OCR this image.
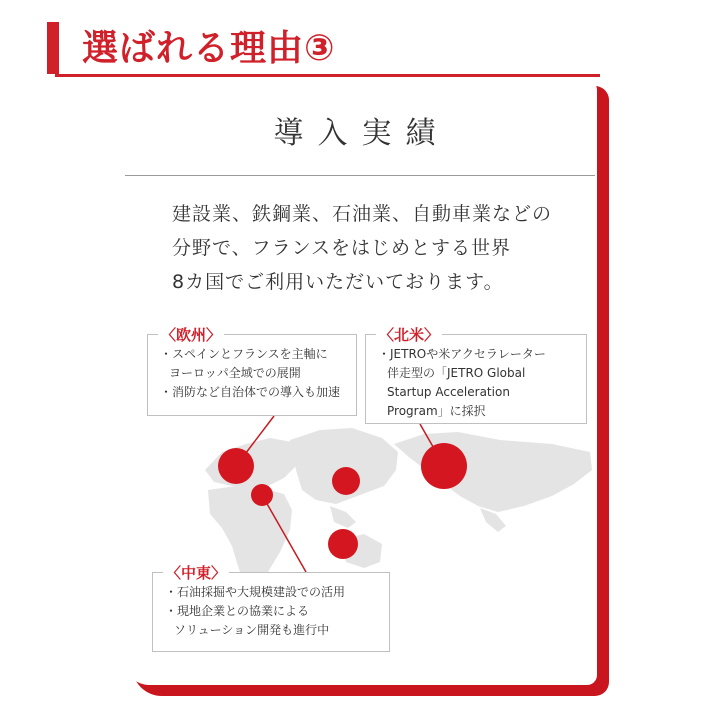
選ばれる理由③
導入実績
建設業、鉄鋼業、石油業、自動車業などの
分野で、フランスをはじめとする世界
8カ国でご利用いただいております。
〈欧州〉
・スペインとフランスを主軸に
ヨーロッパ全域での展開
・消防など自治体での導入も加速
〈北米〉
・JETROや米アクセラレーター
伴走型の「JETRO Global
Startup Acceleration
Program」に採択
〈中東〉
・石油採掘や大規模建設での活用
・現地企業との協業による
ソリューション開発も進行中
